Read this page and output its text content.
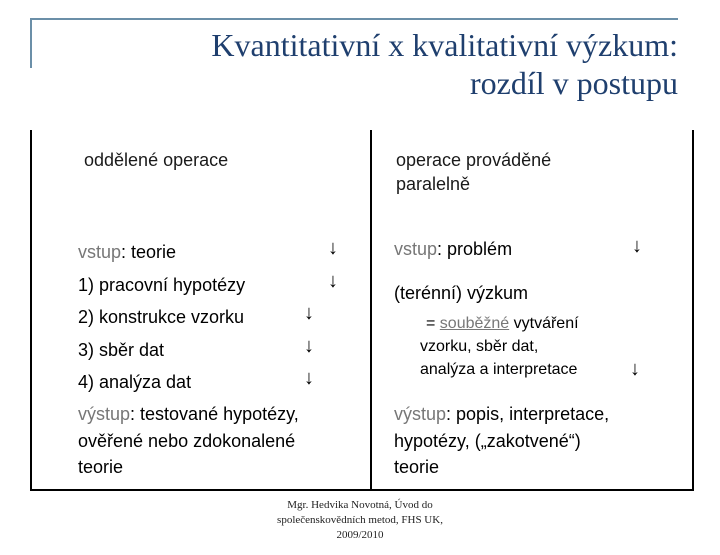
Kvantitativní x kvalitativní výzkum:
rozdíl v postupu
oddělené operace
vstup: teorie	↓
1) pracovní hypotézy	↓
2) konstrukce vzorku	↓
3) sběr dat	↓
4) analýza dat	↓
výstup: testované hypotézy,
ověřené nebo zdokonalené
teorie
operace prováděné
paralelně
vstup: problém	↓
(terénní) výzkum
= souběžné vytváření
vzorku, sběr dat,
analýza a interpretace	↓
výstup: popis, interpretace,
hypotézy, („zakotvené“)
teorie
Mgr. Hedvika Novotná, Úvod do
společenskovědních metod, FHS UK,
2009/2010
